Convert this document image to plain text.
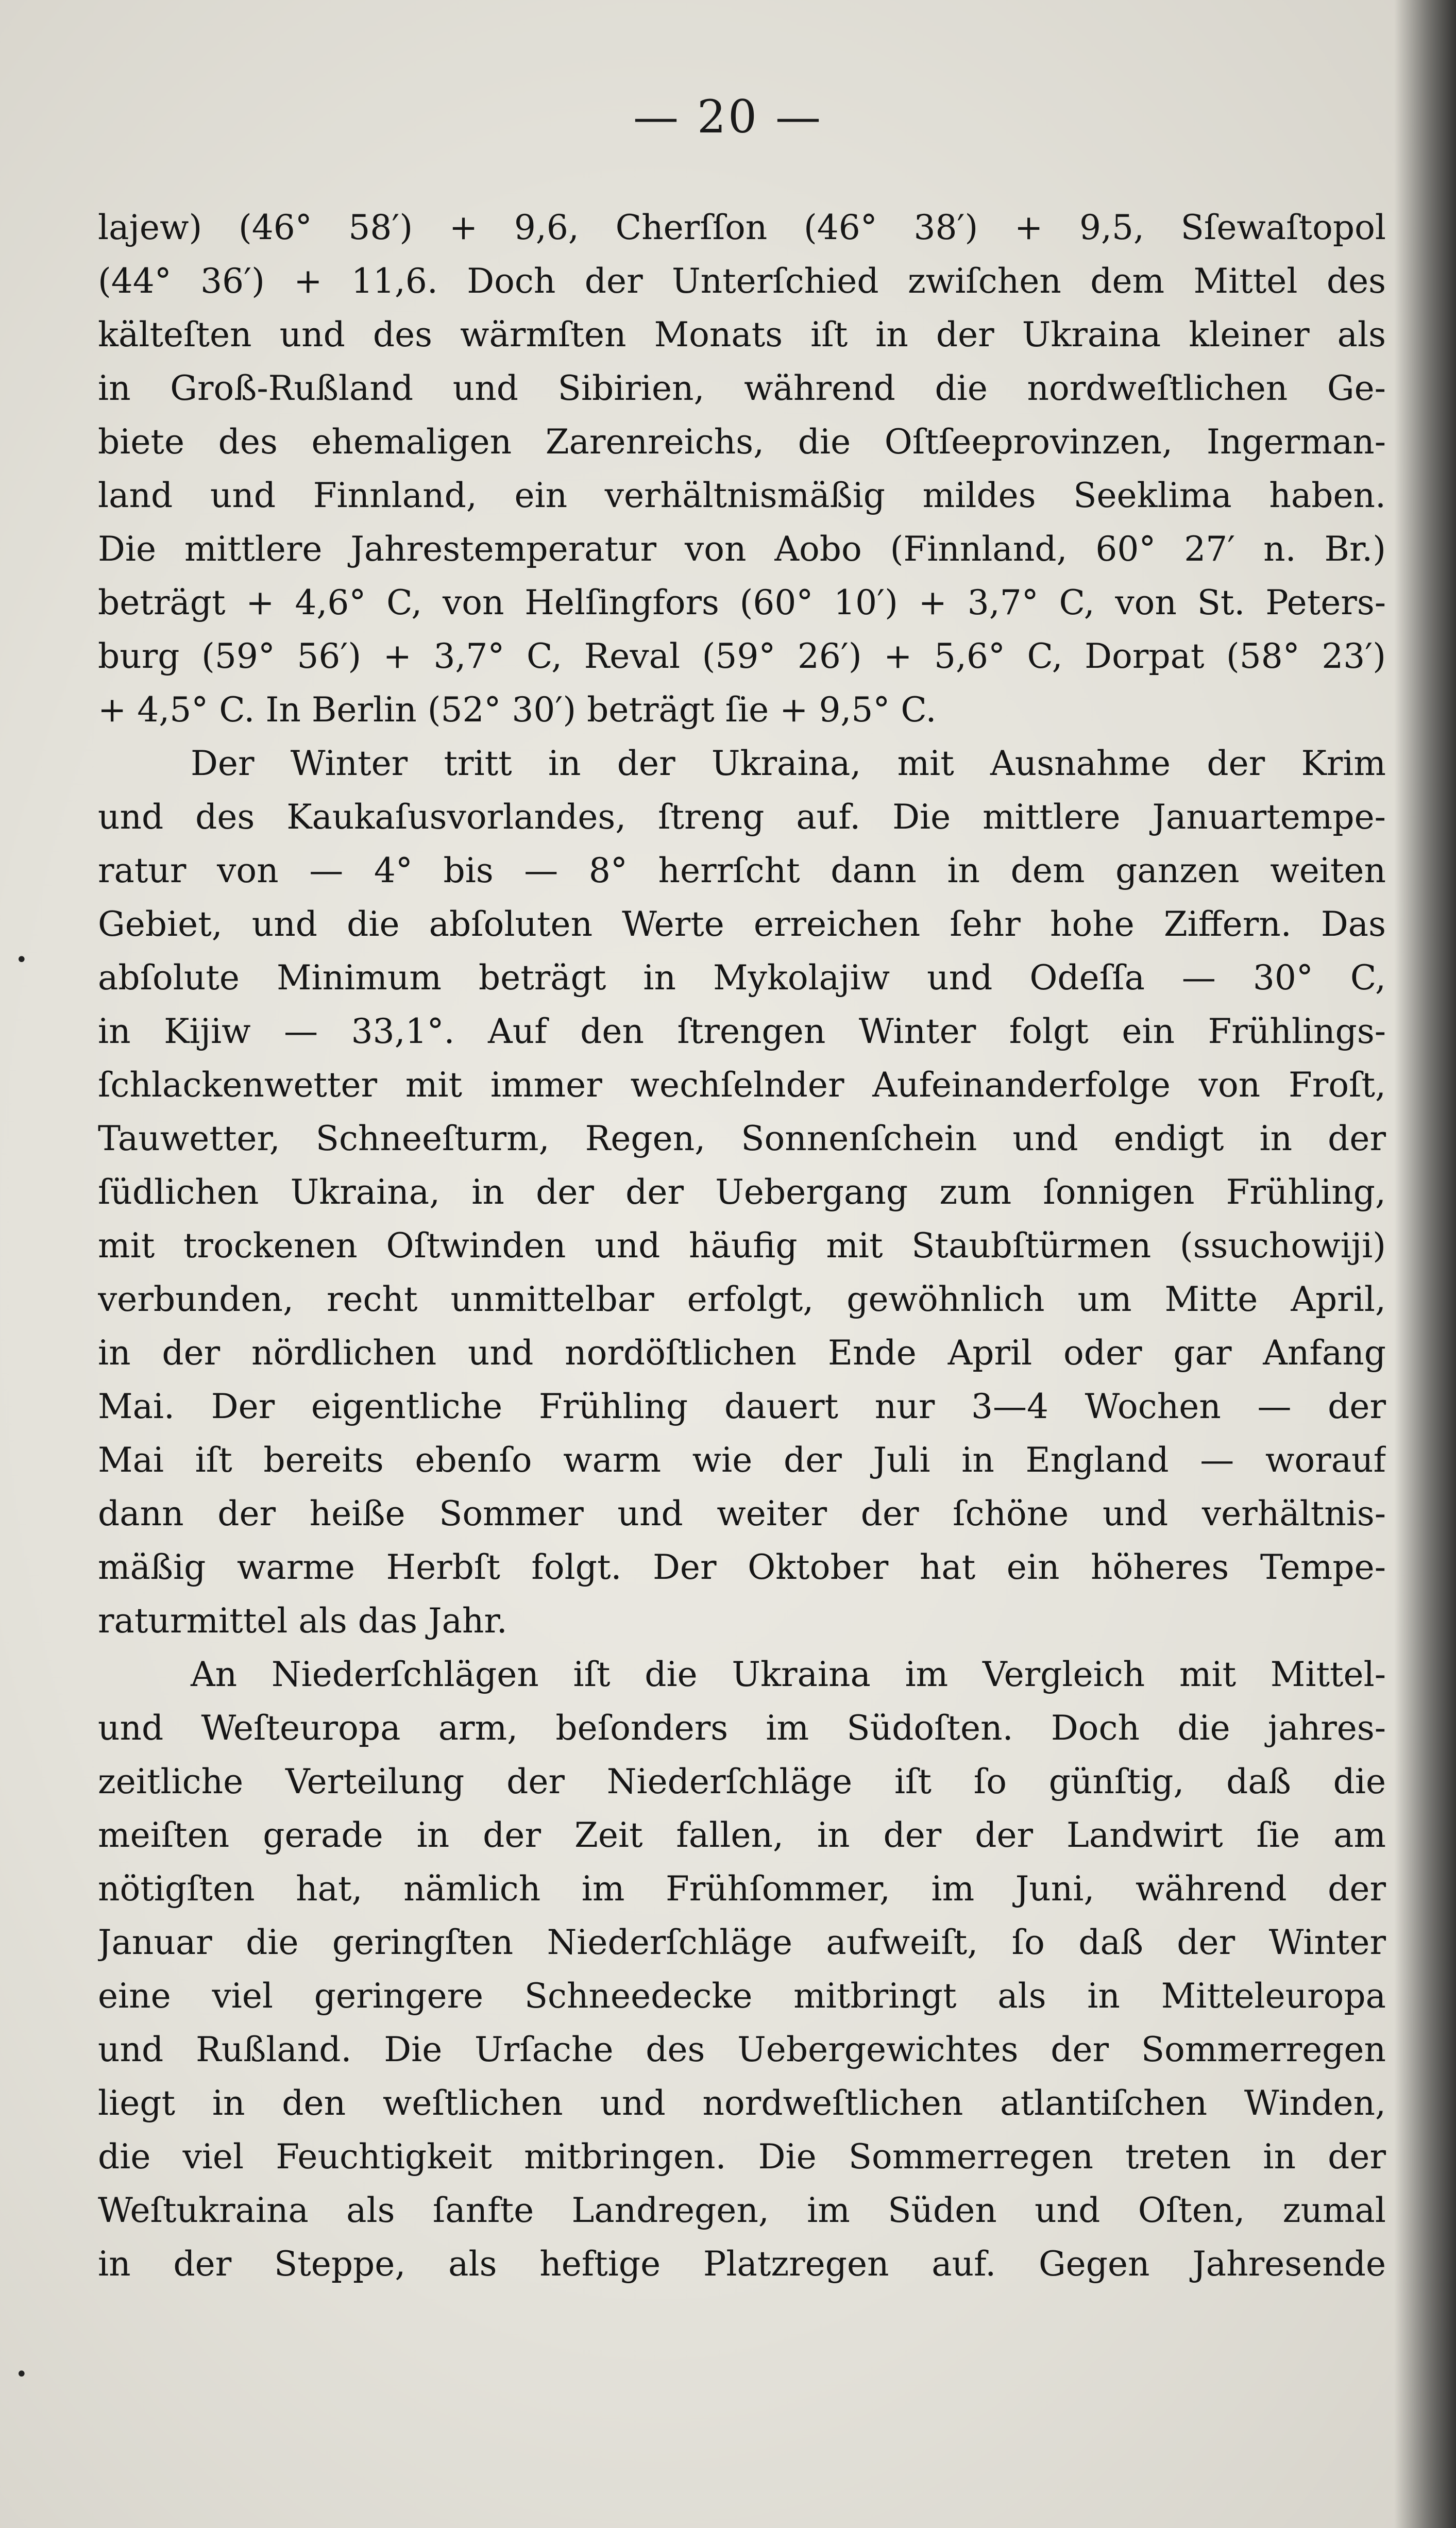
— 20 —
•
•
lajew) (46° 58′) + 9,6, Cherſſon (46° 38′) + 9,5, Sſewaſtopol
(44° 36′) + 11,6. Doch der Unterſchied zwiſchen dem Mittel des
kälteſten und des wärmſten Monats iſt in der Ukraina kleiner als
in Groß-Rußland und Sibirien, während die nordweſtlichen Ge-
biete des ehemaligen Zarenreichs, die Oſtſeeprovinzen, Ingerman-
land und Finnland, ein verhältnismäßig mildes Seeklima haben.
Die mittlere Jahrestemperatur von Aobo (Finnland, 60° 27′ n. Br.)
beträgt + 4,6° C, von Helſingfors (60° 10′) + 3,7° C, von St. Peters-
burg (59° 56′) + 3,7° C, Reval (59° 26′) + 5,6° C, Dorpat (58° 23′)
+ 4,5° C. In Berlin (52° 30′) beträgt ſie + 9,5° C.
Der Winter tritt in der Ukraina, mit Ausnahme der Krim
und des Kaukaſusvorlandes, ſtreng auf. Die mittlere Januartempe-
ratur von — 4° bis — 8° herrſcht dann in dem ganzen weiten
Gebiet, und die abſoluten Werte erreichen ſehr hohe Ziffern. Das
abſolute Minimum beträgt in Mykolajiw und Odeſſa — 30° C,
in Kijiw — 33,1°. Auf den ſtrengen Winter folgt ein Frühlings-
ſchlackenwetter mit immer wechſelnder Aufeinanderfolge von Froſt,
Tauwetter, Schneeſturm, Regen, Sonnenſchein und endigt in der
ſüdlichen Ukraina, in der der Uebergang zum ſonnigen Frühling,
mit trockenen Oſtwinden und häufig mit Staubſtürmen (ssuchowiji)
verbunden, recht unmittelbar erfolgt, gewöhnlich um Mitte April,
in der nördlichen und nordöſtlichen Ende April oder gar Anfang
Mai. Der eigentliche Frühling dauert nur 3—4 Wochen — der
Mai iſt bereits ebenſo warm wie der Juli in England — worauf
dann der heiße Sommer und weiter der ſchöne und verhältnis-
mäßig warme Herbſt folgt. Der Oktober hat ein höheres Tempe-
raturmittel als das Jahr.
An Niederſchlägen iſt die Ukraina im Vergleich mit Mittel-
und Weſteuropa arm, beſonders im Südoſten. Doch die jahres-
zeitliche Verteilung der Niederſchläge iſt ſo günſtig, daß die
meiſten gerade in der Zeit fallen, in der der Landwirt ſie am
nötigſten hat, nämlich im Frühſommer, im Juni, während der
Januar die geringſten Niederſchläge aufweiſt, ſo daß der Winter
eine viel geringere Schneedecke mitbringt als in Mitteleuropa
und Rußland. Die Urſache des Uebergewichtes der Sommerregen
liegt in den weſtlichen und nordweſtlichen atlantiſchen Winden,
die viel Feuchtigkeit mitbringen. Die Sommerregen treten in der
Weſtukraina als ſanfte Landregen, im Süden und Oſten, zumal
in der Steppe, als heftige Platzregen auf. Gegen Jahresende
